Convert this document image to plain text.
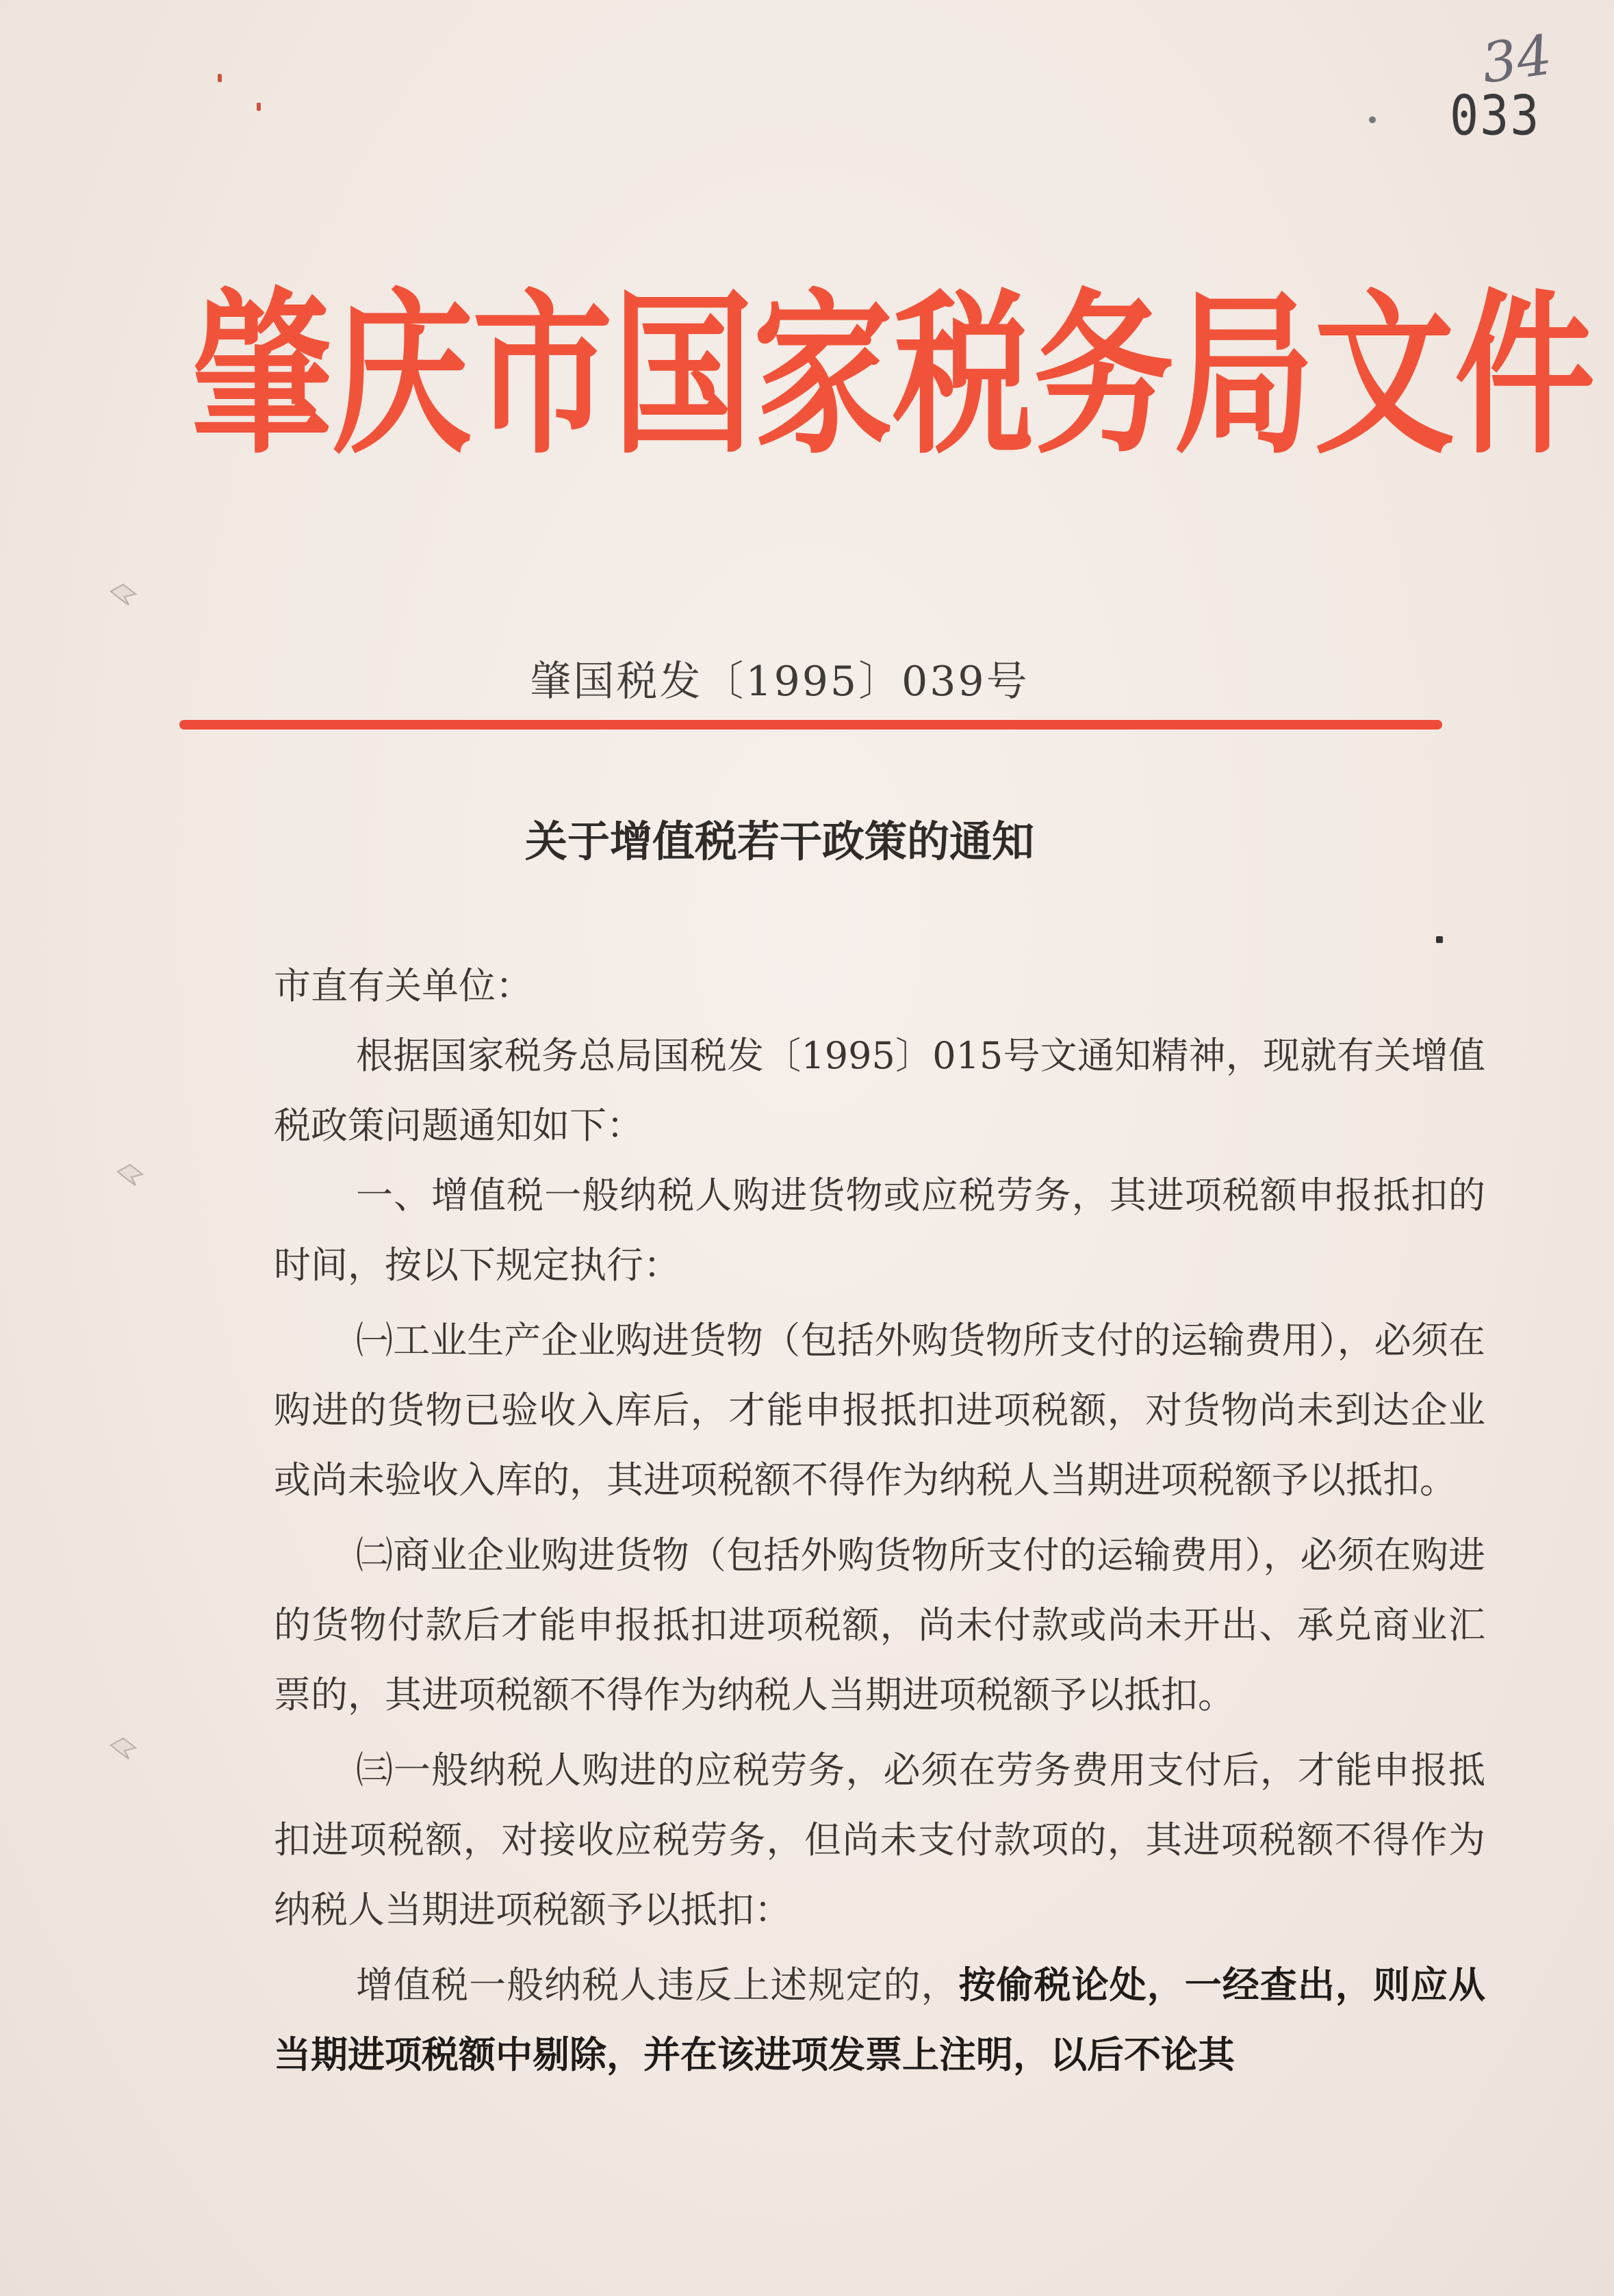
34
033
肇 庆 市 国 家 税 务 局 文 件
肇国税发〔1995〕039号
关于增值税若干政策的通知

市直有关单位：

根据国家税务总局国税发〔1995〕015号文通知精神，现就有关增值税政策问题通知如下：

一、增值税一般纳税人购进货物或应税劳务，其进项税额申报抵扣的时间，按以下规定执行：

㈠工业生产企业购进货物（包括外购货物所支付的运输费用），必须在购进的货物已验收入库后，才能申报抵扣进项税额，对货物尚未到达企业或尚未验收入库的，其进项税额不得作为纳税人当期进项税额予以抵扣。

㈡商业企业购进货物（包括外购货物所支付的运输费用），必须在购进的货物付款后才能申报抵扣进项税额，尚未付款或尚未开出、承兑商业汇票的，其进项税额不得作为纳税人当期进项税额予以抵扣。

㈢一般纳税人购进的应税劳务，必须在劳务费用支付后，才能申报抵扣进项税额，对接收应税劳务，但尚未支付款项的，其进项税额不得作为纳税人当期进项税额予以抵扣：

增值税一般纳税人违反上述规定的，按偷税论处，一经查出，则应从当期进项税额中剔除，并在该进项发票上注明，以后不论其
